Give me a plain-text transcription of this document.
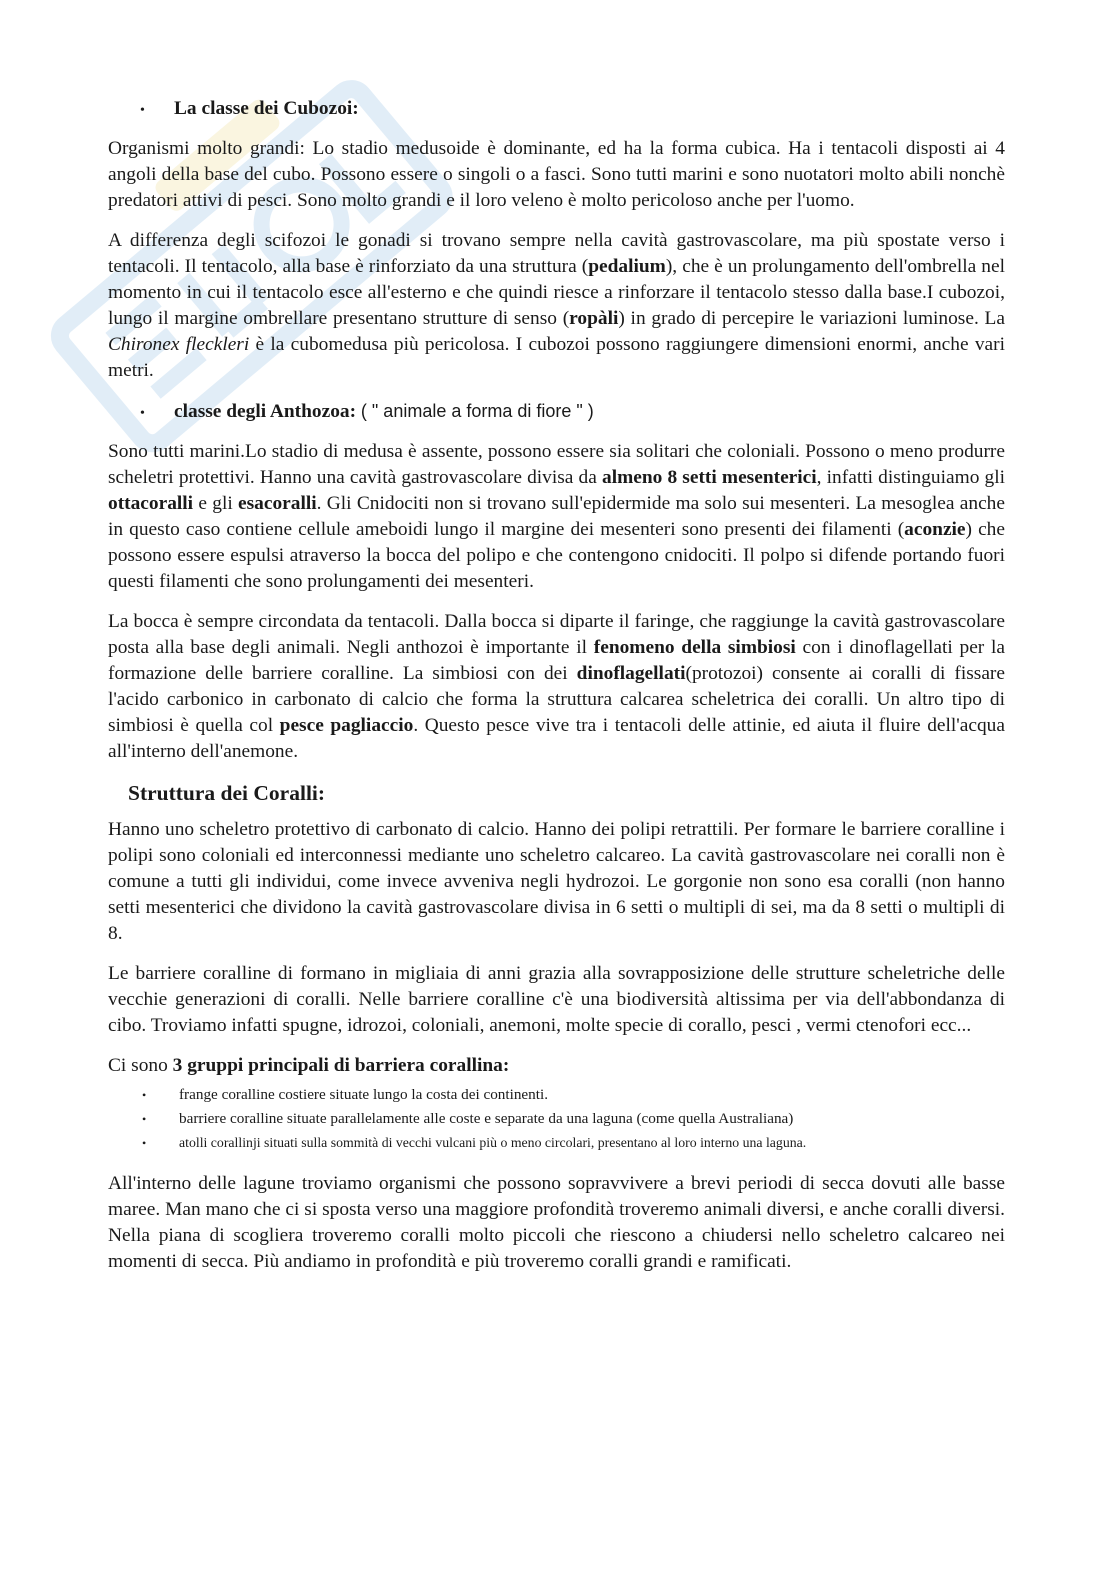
•	La classe dei Cubozoi:

Organismi molto grandi: Lo stadio medusoide è dominante, ed ha la forma cubica. Ha i tentacoli disposti ai 4 angoli della base del cubo. Possono essere o singoli o a fasci. Sono tutti marini e sono nuotatori molto abili nonchè predatori attivi di pesci. Sono molto grandi e il loro veleno è molto pericoloso anche per l'uomo.

A differenza degli scifozoi le gonadi si trovano sempre nella cavità gastrovascolare, ma più spostate verso i tentacoli. Il tentacolo, alla base è rinforziato da una struttura (pedalium), che è un prolungamento dell'ombrella nel momento in cui il tentacolo esce all'esterno e che quindi riesce a rinforzare il tentacolo stesso dalla base.I cubozoi, lungo il margine ombrellare presentano strutture di senso (ropàli) in grado di percepire le variazioni luminose. La Chironex fleckleri è la cubomedusa più pericolosa. I cubozoi possono raggiungere dimensioni enormi, anche vari metri.

•	classe degli Anthozoa: ( " animale a forma di fiore " )

Sono tutti marini.Lo stadio di medusa è assente, possono essere sia solitari che coloniali. Possono o meno produrre scheletri protettivi. Hanno una cavità gastrovascolare divisa da almeno 8 setti mesenterici, infatti distinguiamo gli ottacoralli e gli esacoralli. Gli Cnidociti non si trovano sull'epidermide ma solo sui mesenteri. La mesoglea anche in questo caso contiene cellule ameboidi lungo il margine dei mesenteri sono presenti dei filamenti (aconzie) che possono essere espulsi atraverso la bocca del polipo e che contengono cnidociti. Il polpo si difende portando fuori questi filamenti che sono prolungamenti dei mesenteri.

La bocca è sempre circondata da tentacoli. Dalla bocca si diparte il faringe, che raggiunge la cavità gastrovascolare posta alla base degli animali. Negli anthozoi è importante il fenomeno della simbiosi con i dinoflagellati per la formazione delle barriere coralline. La simbiosi con dei dinoflagellati(protozoi) consente ai coralli di fissare l'acido carbonico in carbonato di calcio che forma la struttura calcarea scheletrica dei coralli. Un altro tipo di simbiosi è quella col pesce pagliaccio. Questo pesce vive tra i tentacoli delle attinie, ed aiuta il fluire dell'acqua all'interno dell'anemone.

Struttura dei Coralli:

Hanno uno scheletro protettivo di carbonato di calcio. Hanno dei polipi retrattili. Per formare le barriere coralline i polipi sono coloniali ed interconnessi mediante uno scheletro calcareo. La cavità gastrovascolare nei coralli non è comune a tutti gli individui, come invece avveniva negli hydrozoi. Le gorgonie non sono esa coralli (non hanno setti mesenterici che dividono la cavità gastrovascolare divisa in 6 setti o multipli di sei, ma da 8 setti o multipli di 8.

Le barriere coralline di formano in migliaia di anni grazia alla sovrapposizione delle strutture scheletriche delle vecchie generazioni di coralli. Nelle barriere coralline c'è una biodiversità altissima per via dell'abbondanza di cibo. Troviamo infatti spugne, idrozoi, coloniali, anemoni, molte specie di corallo, pesci , vermi ctenofori ecc...

Ci sono 3 gruppi principali di barriera corallina:

•	frange coralline costiere situate lungo la costa dei continenti.
•	barriere coralline situate parallelamente alle coste e separate da una laguna (come quella Australiana)
•	atolli corallinji situati sulla sommità di vecchi vulcani più o meno circolari, presentano al loro interno una laguna.

All'interno delle lagune troviamo organismi che possono sopravvivere a brevi periodi di secca dovuti alle basse maree. Man mano che ci si sposta verso una maggiore profondità troveremo animali diversi, e anche coralli diversi. Nella piana di scogliera troveremo coralli molto piccoli che riescono a chiudersi nello scheletro calcareo nei momenti di secca. Più andiamo in profondità e più troveremo coralli grandi e ramificati.
